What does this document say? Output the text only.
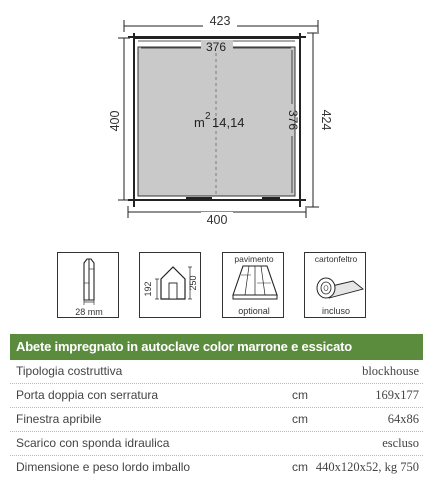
423
376
m 2 14,14
400	376 424
400
28 mm
192	250
pavimento
optional
cartonfeltro
incluso
Abete impregnato in autoclave color marrone e essicato
Tipologia costruttiva	blockhouse
Porta doppia con serratura	cm	169x177
Finestra apribile	cm	64x86
Scarico con sponda idraulica	escluso
Dimensione e peso lordo imballo	cm 440x120x52, kg 750
